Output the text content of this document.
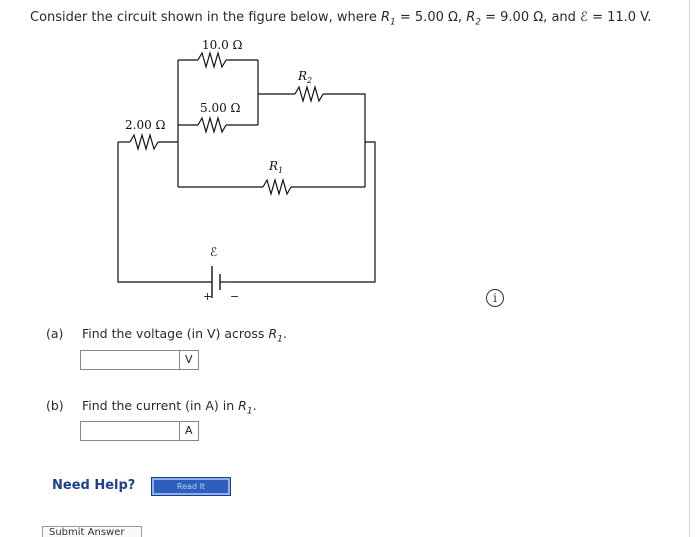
Consider the circuit shown in the figure below, where $R_1 = 5.00$ Ω, $R_2 = 9.00$ Ω, and ℰ = 11.0 V.
10.0 Ω
$R_2$
5.00 Ω
2.00 Ω
$R_1$
ℰ
+ −	i
(a) Find the voltage (in V) across $R_1$.
V
(b) Find the current (in A) in $R_1$.
A
Need Help?	Read It
Submit Answer
